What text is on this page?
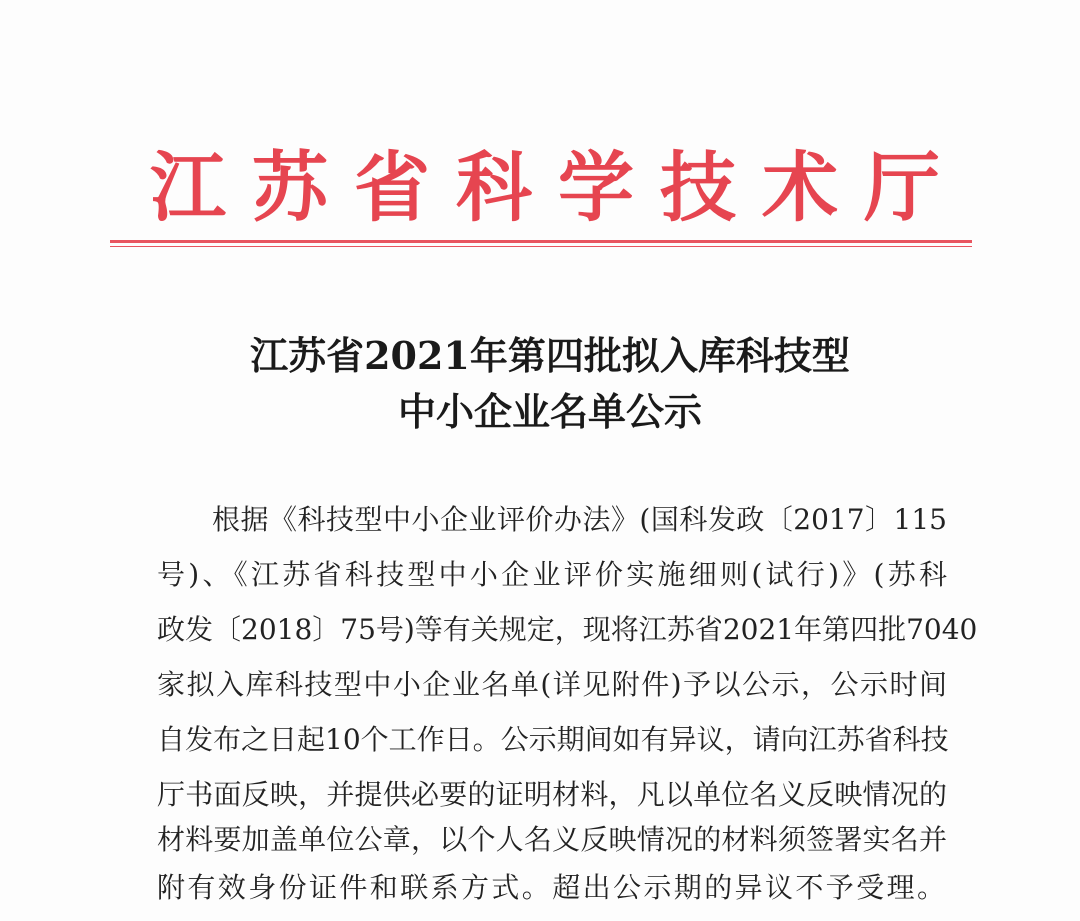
江苏省科学技术厅
江苏省2021年第四批拟入库科技型
中小企业名单公示
根据《科技型中小企业评价办法》(国科发政〔2017〕115
号)、《江苏省科技型中小企业评价实施细则(试行)》(苏科
政发〔2018〕75号)等有关规定，现将江苏省2021年第四批7040
家拟入库科技型中小企业名单(详见附件)予以公示，公示时间
自发布之日起10个工作日。公示期间如有异议，请向江苏省科技
厅书面反映，并提供必要的证明材料，凡以单位名义反映情况的
材料要加盖单位公章，以个人名义反映情况的材料须签署实名并
附有效身份证件和联系方式。超出公示期的异议不予受理。
